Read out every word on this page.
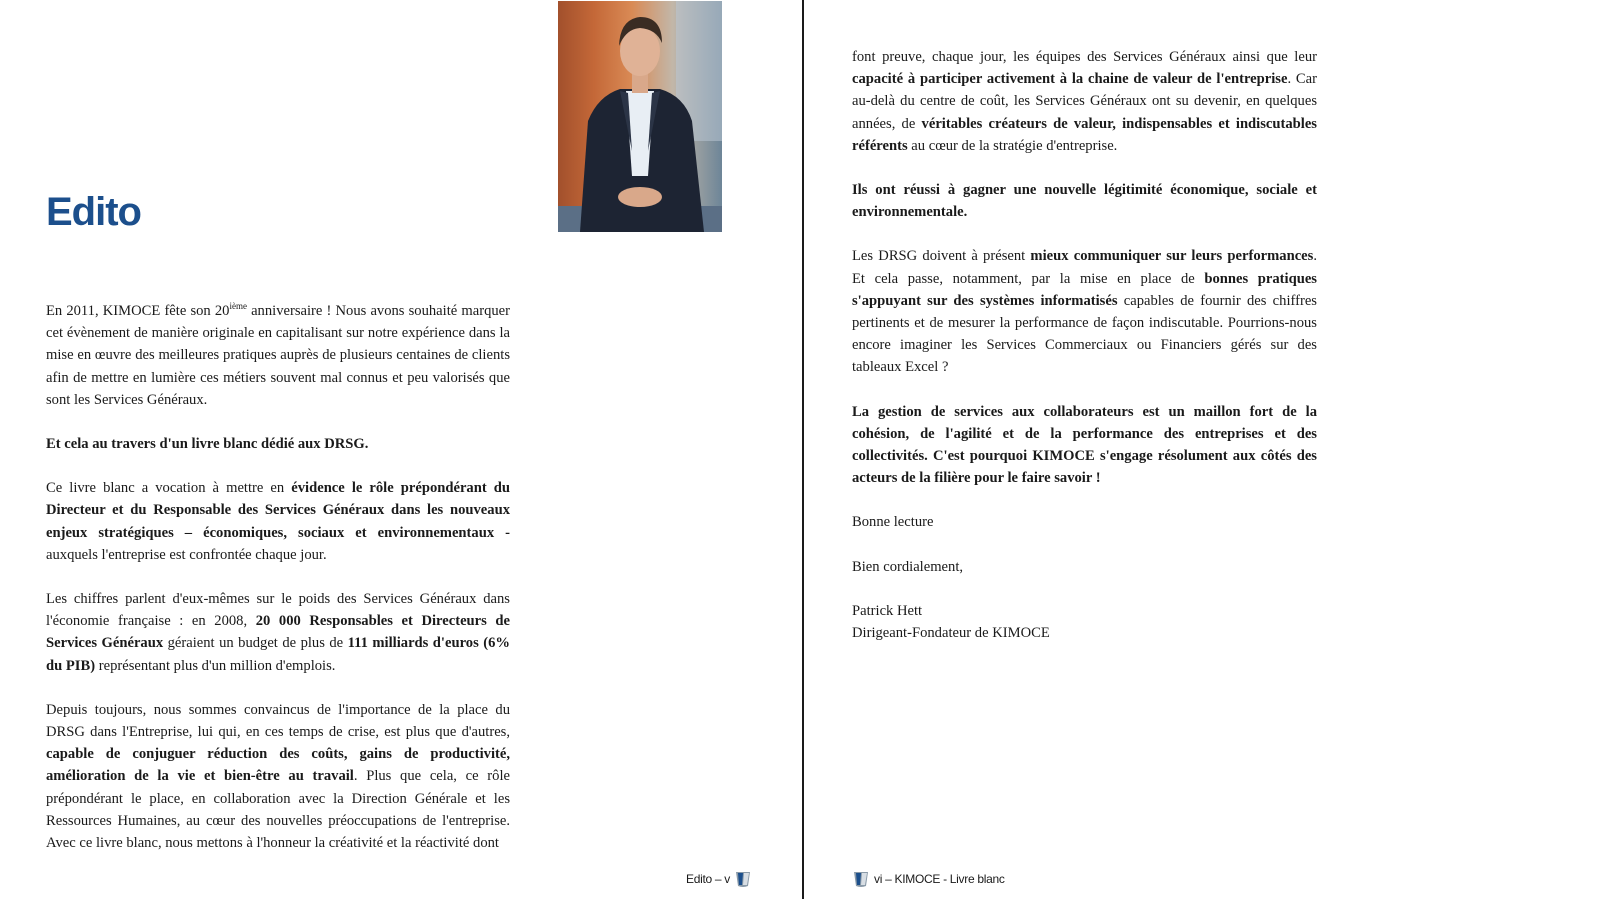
Edito

En 2011, KIMOCE fête son 20ième anniversaire ! Nous avons souhaité marquer cet évènement de manière originale en capitalisant sur notre expérience dans la mise en œuvre des meilleures pratiques auprès de plusieurs centaines de clients afin de mettre en lumière ces métiers souvent mal connus et peu valorisés que sont les Services Généraux.

Et cela au travers d'un livre blanc dédié aux DRSG.

Ce livre blanc a vocation à mettre en évidence le rôle prépondérant du Directeur et du Responsable des Services Généraux dans les nouveaux enjeux stratégiques – économiques, sociaux et environnementaux - auxquels l'entreprise est confrontée chaque jour.

Les chiffres parlent d'eux-mêmes sur le poids des Services Généraux dans l'économie française : en 2008, 20 000 Responsables et Directeurs de Services Généraux géraient un budget de plus de 111 milliards d'euros (6% du PIB) représentant plus d'un million d'emplois.

Depuis toujours, nous sommes convaincus de l'importance de la place du DRSG dans l'Entreprise, lui qui, en ces temps de crise, est plus que d'autres, capable de conjuguer réduction des coûts, gains de productivité, amélioration de la vie et bien-être au travail. Plus que cela, ce rôle prépondérant le place, en collaboration avec la Direction Générale et les Ressources Humaines, au cœur des nouvelles préoccupations de l'entreprise. Avec ce livre blanc, nous mettons à l'honneur la créativité et la réactivité dont

Edito – v

font preuve, chaque jour, les équipes des Services Généraux ainsi que leur capacité à participer activement à la chaine de valeur de l'entreprise. Car au-delà du centre de coût, les Services Généraux ont su devenir, en quelques années, de véritables créateurs de valeur, indispensables et indiscutables référents au cœur de la stratégie d'entreprise.

Ils ont réussi à gagner une nouvelle légitimité économique, sociale et environnementale.

Les DRSG doivent à présent mieux communiquer sur leurs performances. Et cela passe, notamment, par la mise en place de bonnes pratiques s'appuyant sur des systèmes informatisés capables de fournir des chiffres pertinents et de mesurer la performance de façon indiscutable. Pourrions-nous encore imaginer les Services Commerciaux ou Financiers gérés sur des tableaux Excel ?

La gestion de services aux collaborateurs est un maillon fort de la cohésion, de l'agilité et de la performance des entreprises et des collectivités. C'est pourquoi KIMOCE s'engage résolument aux côtés des acteurs de la filière pour le faire savoir !

Bonne lecture

Bien cordialement,

Patrick Hett

Dirigeant-Fondateur de KIMOCE

vi – KIMOCE - Livre blanc
